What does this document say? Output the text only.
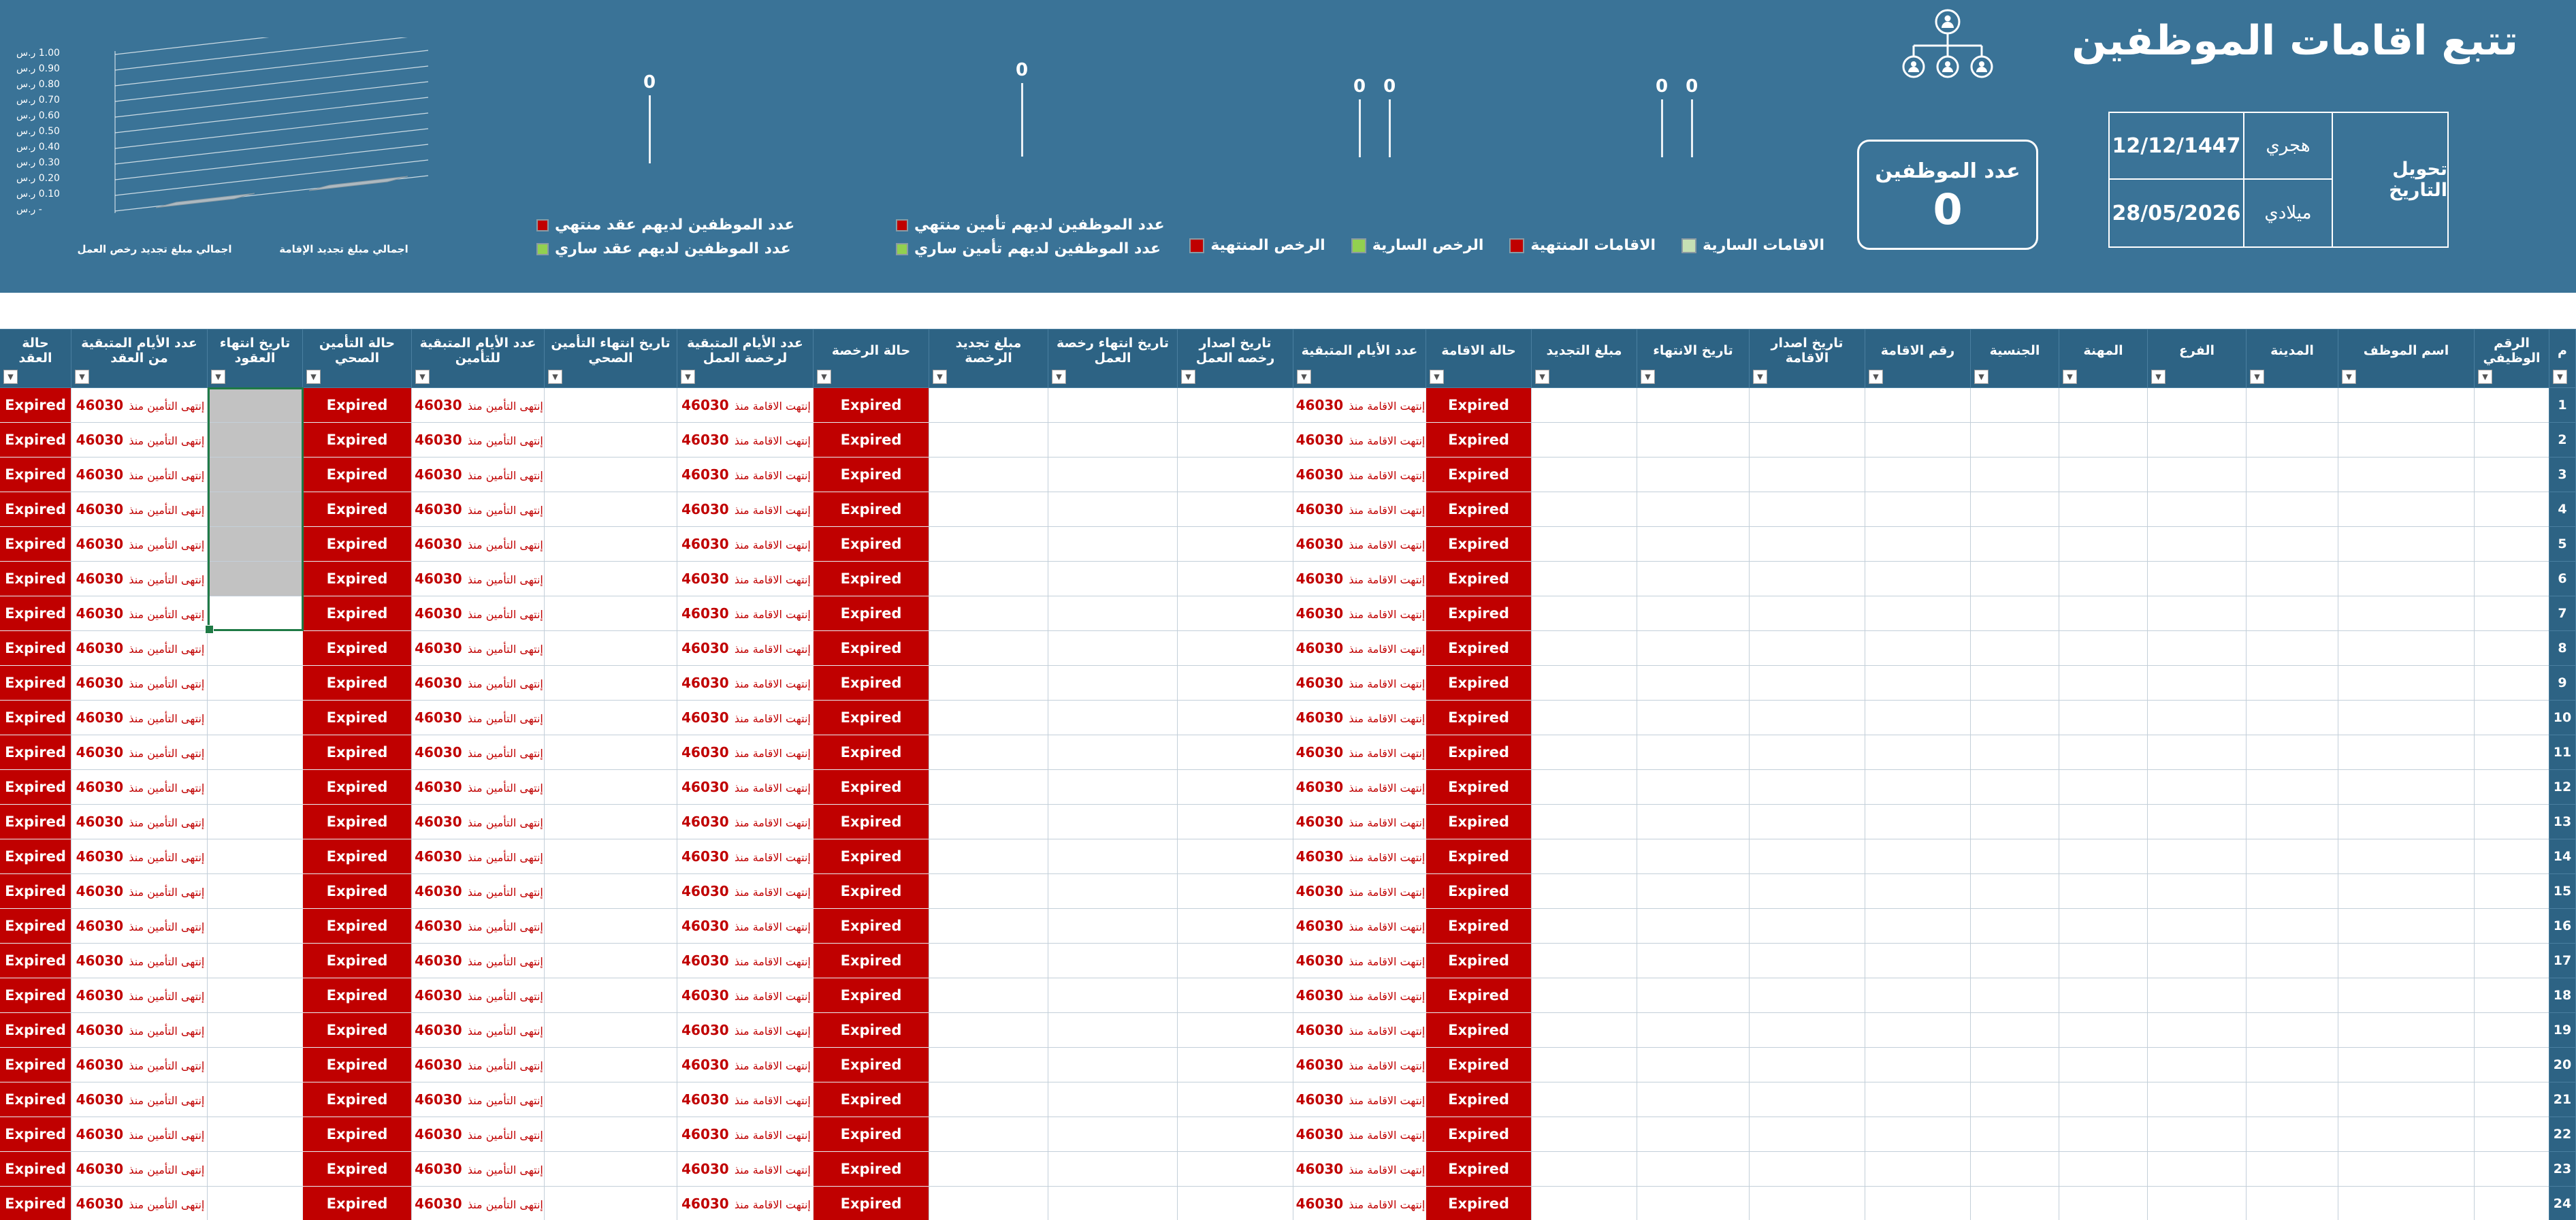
تتبع اقامات الموظفين
عدد الموظفين
0
تحويل التاريخ
هجري
12/12/1447
ميلادي
28/05/2026
الاقامات السارية
الاقامات المنتهية
الرخص السارية
الرخص المنتهية
0 0
0 0
0
0
عدد الموظفين لديهم تأمين منتهي
عدد الموظفين لديهم تأمين ساري
عدد الموظفين لديهم عقد منتهي
عدد الموظفين لديهم عقد ساري
1.00 ر.س
0.90 ر.س
0.80 ر.س
0.70 ر.س
0.60 ر.س
0.50 ر.س
0.40 ر.س
0.30 ر.س
0.20 ر.س
0.10 ر.س
- ر.س
اجمالي مبلغ تجديد الإقامة
اجمالي مبلغ تجديد رخص العمل
م
▼	الرقم الوظيفي
▼	اسم الموظف
▼	المدينة
▼	الفرع
▼	المهنة
▼	الجنسية
▼	رقم الاقامة
▼	تاريخ اصدار الاقامة
▼	تاريخ الانتهاء
▼	مبلغ التجديد
▼	حالة الاقامة
▼	عدد الأيام المتبقية
▼	تاريخ اصدار رخصه العمل
▼	تاريخ انتهاء رخصة العمل
▼	مبلغ تجديد الرخصة
▼	حالة الرخصة
▼	عدد الأيام المتبقية لرخصة العمل
▼	تاريخ انتهاء التأمين الصحي
▼	عدد الأيام المتبقية للتأمين
▼	حالة التأمين الصحي
▼	تاريخ انتهاء العقود
▼	عدد الأيام المتبقية من العقد
▼	حالة العقد
▼

1											Expired	إنتهت الاقامة منذ 46030				Expired	إنتهت الاقامة منذ 46030		إنتهى التأمين منذ 46030	Expired		إنتهى التأمين منذ 46030	Expired
2											Expired	إنتهت الاقامة منذ 46030				Expired	إنتهت الاقامة منذ 46030		إنتهى التأمين منذ 46030	Expired		إنتهى التأمين منذ 46030	Expired
3											Expired	إنتهت الاقامة منذ 46030				Expired	إنتهت الاقامة منذ 46030		إنتهى التأمين منذ 46030	Expired		إنتهى التأمين منذ 46030	Expired
4											Expired	إنتهت الاقامة منذ 46030				Expired	إنتهت الاقامة منذ 46030		إنتهى التأمين منذ 46030	Expired		إنتهى التأمين منذ 46030	Expired
5											Expired	إنتهت الاقامة منذ 46030				Expired	إنتهت الاقامة منذ 46030		إنتهى التأمين منذ 46030	Expired		إنتهى التأمين منذ 46030	Expired
6											Expired	إنتهت الاقامة منذ 46030				Expired	إنتهت الاقامة منذ 46030		إنتهى التأمين منذ 46030	Expired		إنتهى التأمين منذ 46030	Expired
7											Expired	إنتهت الاقامة منذ 46030				Expired	إنتهت الاقامة منذ 46030		إنتهى التأمين منذ 46030	Expired		إنتهى التأمين منذ 46030	Expired
8											Expired	إنتهت الاقامة منذ 46030				Expired	إنتهت الاقامة منذ 46030		إنتهى التأمين منذ 46030	Expired		إنتهى التأمين منذ 46030	Expired
9											Expired	إنتهت الاقامة منذ 46030				Expired	إنتهت الاقامة منذ 46030		إنتهى التأمين منذ 46030	Expired		إنتهى التأمين منذ 46030	Expired
10											Expired	إنتهت الاقامة منذ 46030				Expired	إنتهت الاقامة منذ 46030		إنتهى التأمين منذ 46030	Expired		إنتهى التأمين منذ 46030	Expired
11											Expired	إنتهت الاقامة منذ 46030				Expired	إنتهت الاقامة منذ 46030		إنتهى التأمين منذ 46030	Expired		إنتهى التأمين منذ 46030	Expired
12											Expired	إنتهت الاقامة منذ 46030				Expired	إنتهت الاقامة منذ 46030		إنتهى التأمين منذ 46030	Expired		إنتهى التأمين منذ 46030	Expired
13											Expired	إنتهت الاقامة منذ 46030				Expired	إنتهت الاقامة منذ 46030		إنتهى التأمين منذ 46030	Expired		إنتهى التأمين منذ 46030	Expired
14											Expired	إنتهت الاقامة منذ 46030				Expired	إنتهت الاقامة منذ 46030		إنتهى التأمين منذ 46030	Expired		إنتهى التأمين منذ 46030	Expired
15											Expired	إنتهت الاقامة منذ 46030				Expired	إنتهت الاقامة منذ 46030		إنتهى التأمين منذ 46030	Expired		إنتهى التأمين منذ 46030	Expired
16											Expired	إنتهت الاقامة منذ 46030				Expired	إنتهت الاقامة منذ 46030		إنتهى التأمين منذ 46030	Expired		إنتهى التأمين منذ 46030	Expired
17											Expired	إنتهت الاقامة منذ 46030				Expired	إنتهت الاقامة منذ 46030		إنتهى التأمين منذ 46030	Expired		إنتهى التأمين منذ 46030	Expired
18											Expired	إنتهت الاقامة منذ 46030				Expired	إنتهت الاقامة منذ 46030		إنتهى التأمين منذ 46030	Expired		إنتهى التأمين منذ 46030	Expired
19											Expired	إنتهت الاقامة منذ 46030				Expired	إنتهت الاقامة منذ 46030		إنتهى التأمين منذ 46030	Expired		إنتهى التأمين منذ 46030	Expired
20											Expired	إنتهت الاقامة منذ 46030				Expired	إنتهت الاقامة منذ 46030		إنتهى التأمين منذ 46030	Expired		إنتهى التأمين منذ 46030	Expired
21											Expired	إنتهت الاقامة منذ 46030				Expired	إنتهت الاقامة منذ 46030		إنتهى التأمين منذ 46030	Expired		إنتهى التأمين منذ 46030	Expired
22											Expired	إنتهت الاقامة منذ 46030				Expired	إنتهت الاقامة منذ 46030		إنتهى التأمين منذ 46030	Expired		إنتهى التأمين منذ 46030	Expired
23											Expired	إنتهت الاقامة منذ 46030				Expired	إنتهت الاقامة منذ 46030		إنتهى التأمين منذ 46030	Expired		إنتهى التأمين منذ 46030	Expired
24											Expired	إنتهت الاقامة منذ 46030				Expired	إنتهت الاقامة منذ 46030		إنتهى التأمين منذ 46030	Expired		إنتهى التأمين منذ 46030	Expired
